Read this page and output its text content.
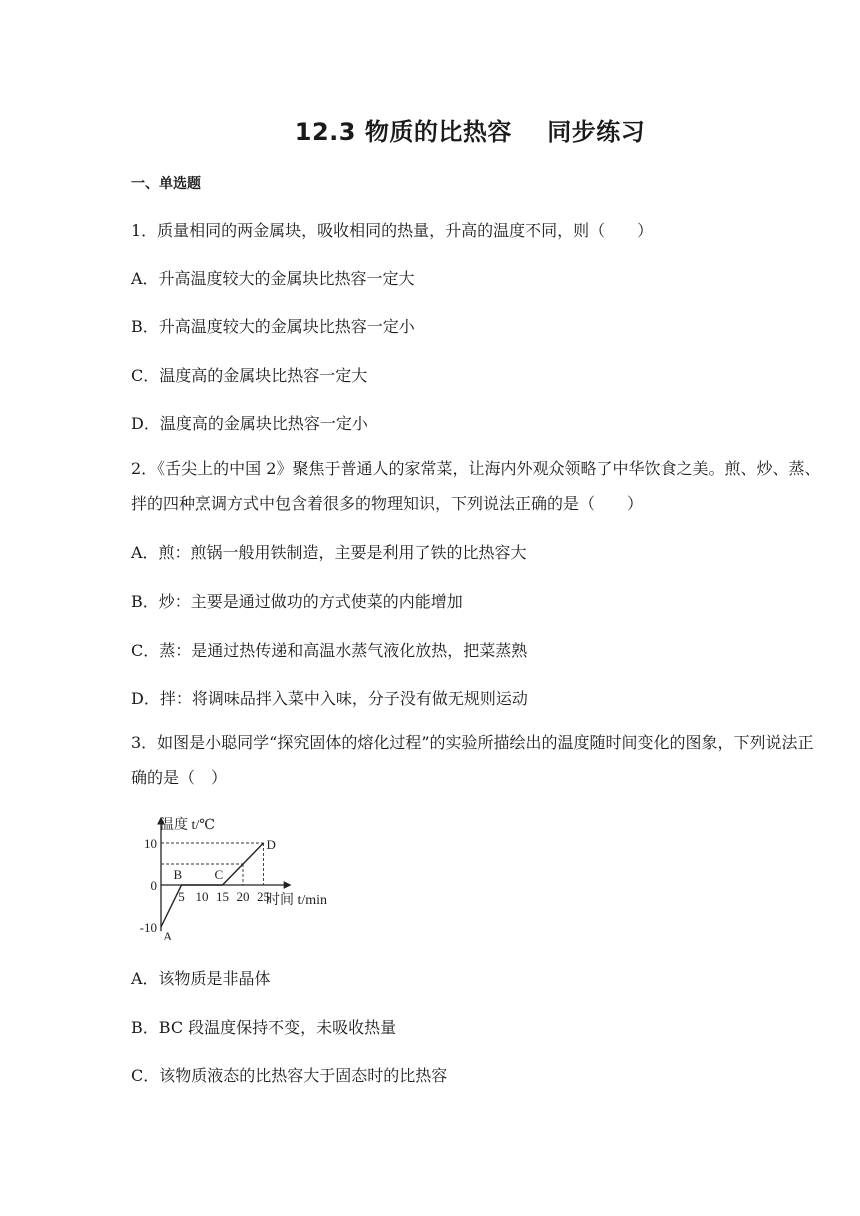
12.3 物质的比热容    同步练习
一、单选题
1．质量相同的两金属块，吸收相同的热量，升高的温度不同，则（　　）
A．升高温度较大的金属块比热容一定大
B．升高温度较大的金属块比热容一定小
C．温度高的金属块比热容一定大
D．温度高的金属块比热容一定小
2．《舌尖上的中国 2》聚焦于普通人的家常菜，让海内外观众领略了中华饮食之美。煎、炒、蒸、拌的四种烹调方式中包含着很多的物理知识，下列说法正确的是（　　）
A．煎：煎锅一般用铁制造，主要是利用了铁的比热容大
B．炒：主要是通过做功的方式使菜的内能增加
C．蒸：是通过热传递和高温水蒸气液化放热，把菜蒸熟
D．拌：将调味品拌入菜中入味，分子没有做无规则运动
3．如图是小聪同学“探究固体的熔化过程”的实验所描绘出的温度随时间变化的图象，下列说法正确的是（　）
10
0
-10
5 10 15 20 25
A
B C
D
温度 t/℃
时间 t/min
A．该物质是非晶体
B．BC 段温度保持不变，未吸收热量
C．该物质液态的比热容大于固态时的比热容
